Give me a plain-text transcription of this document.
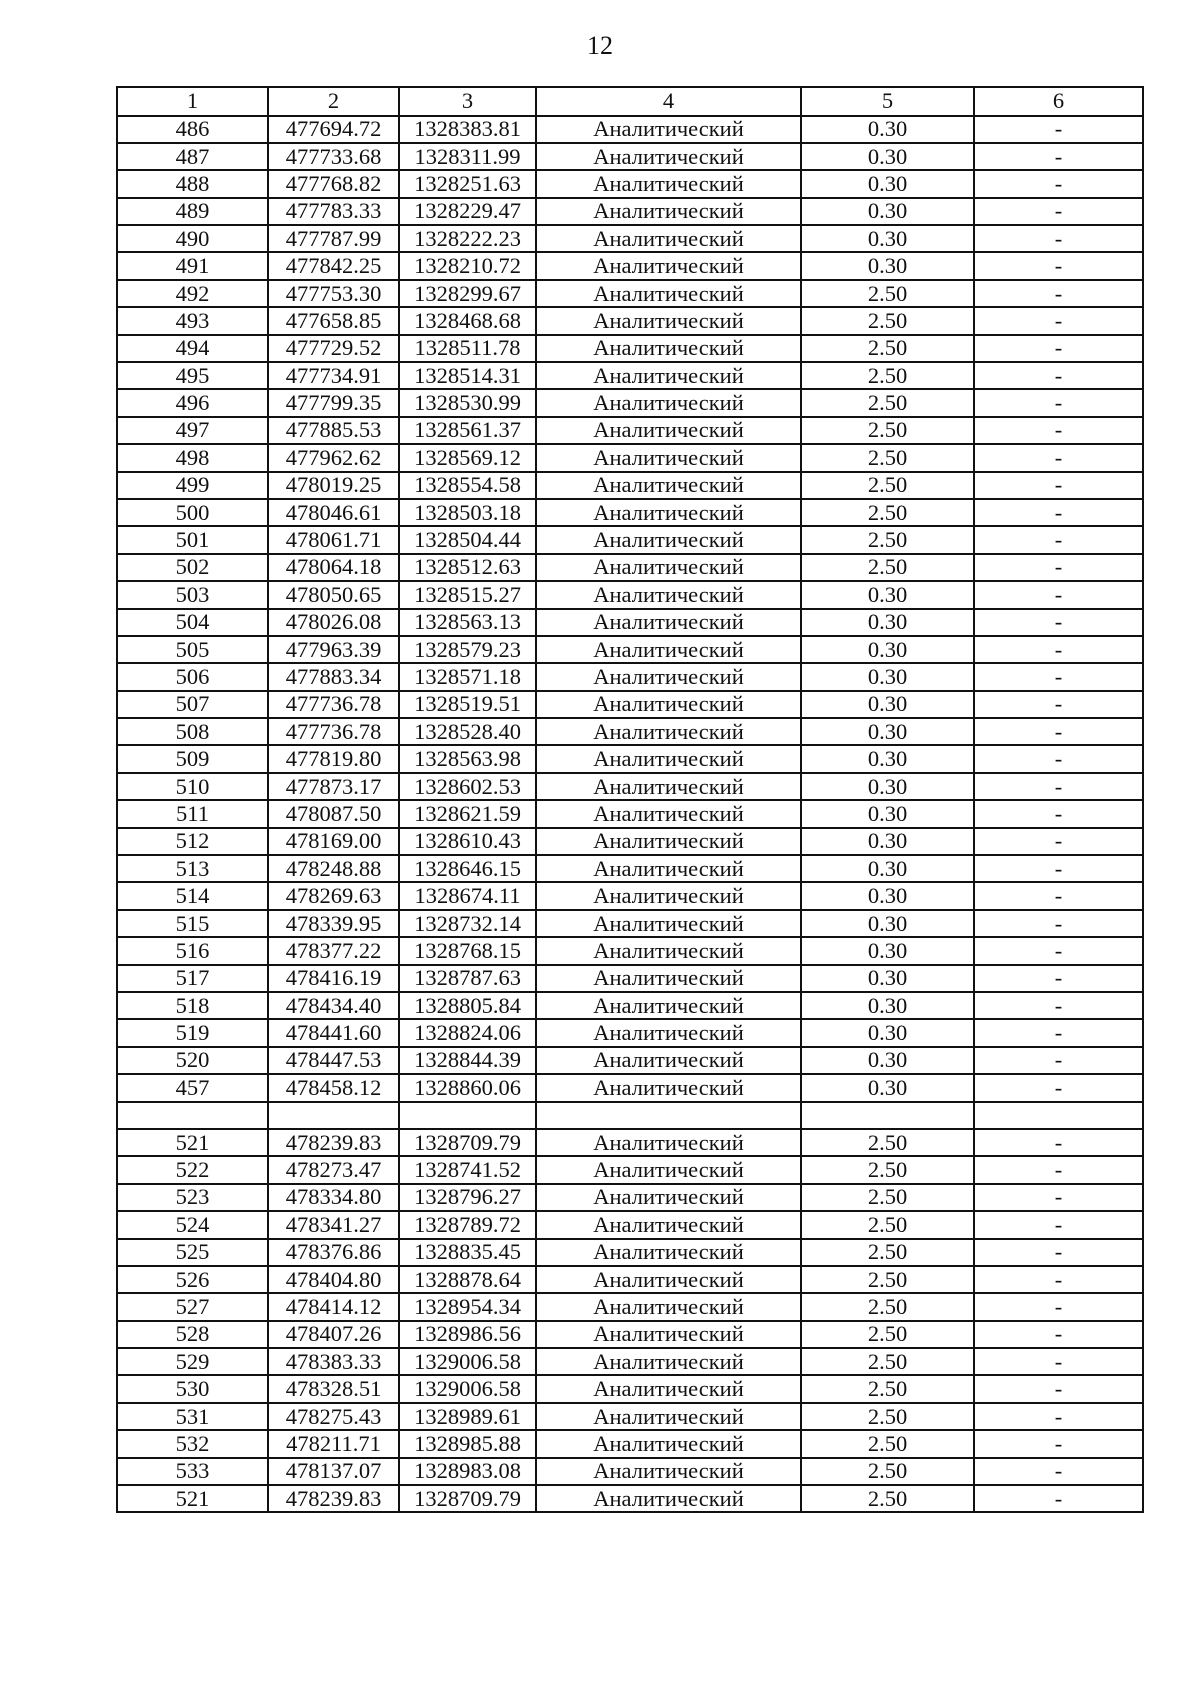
12
1	2	3	4	5	6
486	477694.72	1328383.81	Аналитический	0.30	-
487	477733.68	1328311.99	Аналитический	0.30	-
488	477768.82	1328251.63	Аналитический	0.30	-
489	477783.33	1328229.47	Аналитический	0.30	-
490	477787.99	1328222.23	Аналитический	0.30	-
491	477842.25	1328210.72	Аналитический	0.30	-
492	477753.30	1328299.67	Аналитический	2.50	-
493	477658.85	1328468.68	Аналитический	2.50	-
494	477729.52	1328511.78	Аналитический	2.50	-
495	477734.91	1328514.31	Аналитический	2.50	-
496	477799.35	1328530.99	Аналитический	2.50	-
497	477885.53	1328561.37	Аналитический	2.50	-
498	477962.62	1328569.12	Аналитический	2.50	-
499	478019.25	1328554.58	Аналитический	2.50	-
500	478046.61	1328503.18	Аналитический	2.50	-
501	478061.71	1328504.44	Аналитический	2.50	-
502	478064.18	1328512.63	Аналитический	2.50	-
503	478050.65	1328515.27	Аналитический	0.30	-
504	478026.08	1328563.13	Аналитический	0.30	-
505	477963.39	1328579.23	Аналитический	0.30	-
506	477883.34	1328571.18	Аналитический	0.30	-
507	477736.78	1328519.51	Аналитический	0.30	-
508	477736.78	1328528.40	Аналитический	0.30	-
509	477819.80	1328563.98	Аналитический	0.30	-
510	477873.17	1328602.53	Аналитический	0.30	-
511	478087.50	1328621.59	Аналитический	0.30	-
512	478169.00	1328610.43	Аналитический	0.30	-
513	478248.88	1328646.15	Аналитический	0.30	-
514	478269.63	1328674.11	Аналитический	0.30	-
515	478339.95	1328732.14	Аналитический	0.30	-
516	478377.22	1328768.15	Аналитический	0.30	-
517	478416.19	1328787.63	Аналитический	0.30	-
518	478434.40	1328805.84	Аналитический	0.30	-
519	478441.60	1328824.06	Аналитический	0.30	-
520	478447.53	1328844.39	Аналитический	0.30	-
457	478458.12	1328860.06	Аналитический	0.30	-

521	478239.83	1328709.79	Аналитический	2.50	-
522	478273.47	1328741.52	Аналитический	2.50	-
523	478334.80	1328796.27	Аналитический	2.50	-
524	478341.27	1328789.72	Аналитический	2.50	-
525	478376.86	1328835.45	Аналитический	2.50	-
526	478404.80	1328878.64	Аналитический	2.50	-
527	478414.12	1328954.34	Аналитический	2.50	-
528	478407.26	1328986.56	Аналитический	2.50	-
529	478383.33	1329006.58	Аналитический	2.50	-
530	478328.51	1329006.58	Аналитический	2.50	-
531	478275.43	1328989.61	Аналитический	2.50	-
532	478211.71	1328985.88	Аналитический	2.50	-
533	478137.07	1328983.08	Аналитический	2.50	-
521	478239.83	1328709.79	Аналитический	2.50	-
